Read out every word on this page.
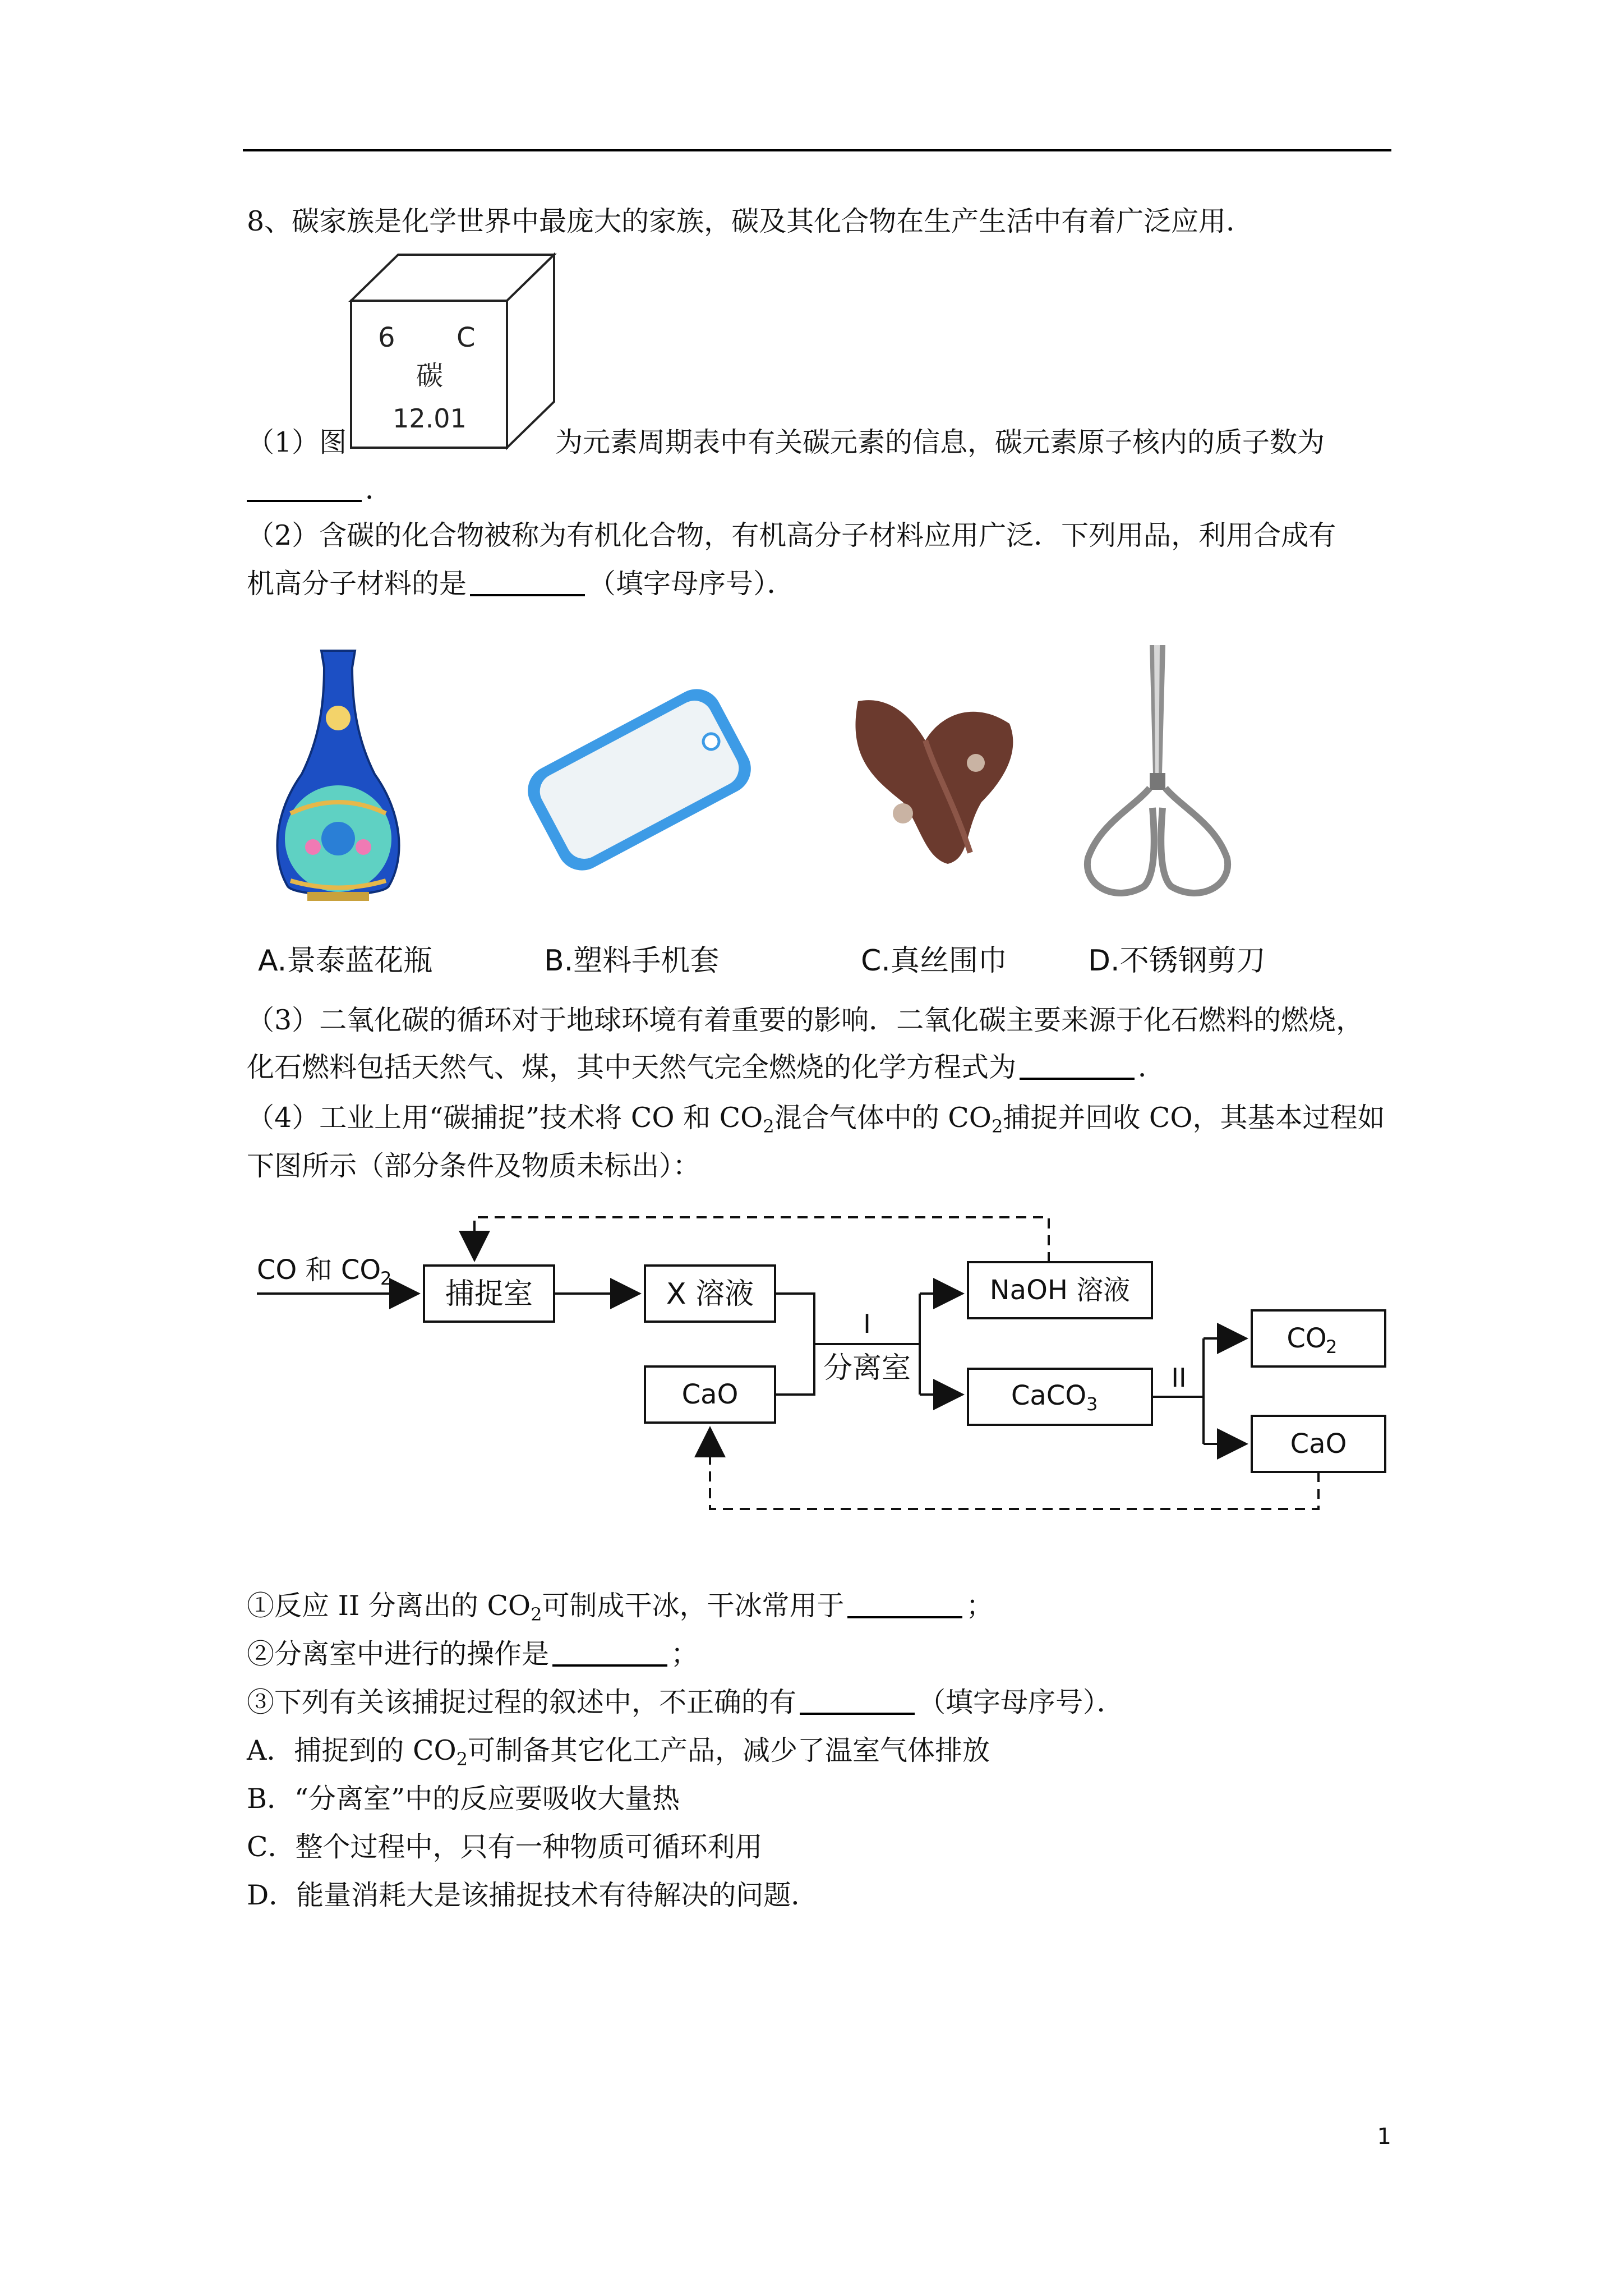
8、碳家族是化学世界中最庞大的家族，碳及其化合物在生产生活中有着广泛应用．
6 C
碳
12.01
（1）图	为元素周期表中有关碳元素的信息，碳元素原子核内的质子数为
．
（2）含碳的化合物被称为有机化合物，有机高分子材料应用广泛．下列用品，利用合成有
机高分子材料的是	（填字母序号）．
A.景泰蓝花瓶	B.塑料手机套	C.真丝围巾	D.不锈钢剪刀
（3）二氧化碳的循环对于地球环境有着重要的影响．二氧化碳主要来源于化石燃料的燃烧，
化石燃料包括天然气、煤，其中天然气完全燃烧的化学方程式为	．
（4）工业上用“碳捕捉”技术将 CO 和 $CO_2$混合气体中的 $CO_2$捕捉并回收 CO，其基本过程如
下图所示（部分条件及物质未标出）：
CO 和 CO
2 捕捉室	X 溶液
CaO
I
分离室
NaOH 溶液
CaCO 3
II
CO
2
CaO
①反应 II 分离出的 $CO_2$可制成干冰，干冰常用于	；
②分离室中进行的操作是	；
③下列有关该捕捉过程的叙述中，不正确的有	（填字母序号）．
A．捕捉到的 $CO_2$可制备其它化工产品，减少了温室气体排放
B．“分离室”中的反应要吸收大量热
C．整个过程中，只有一种物质可循环利用
D．能量消耗大是该捕捉技术有待解决的问题．
1
